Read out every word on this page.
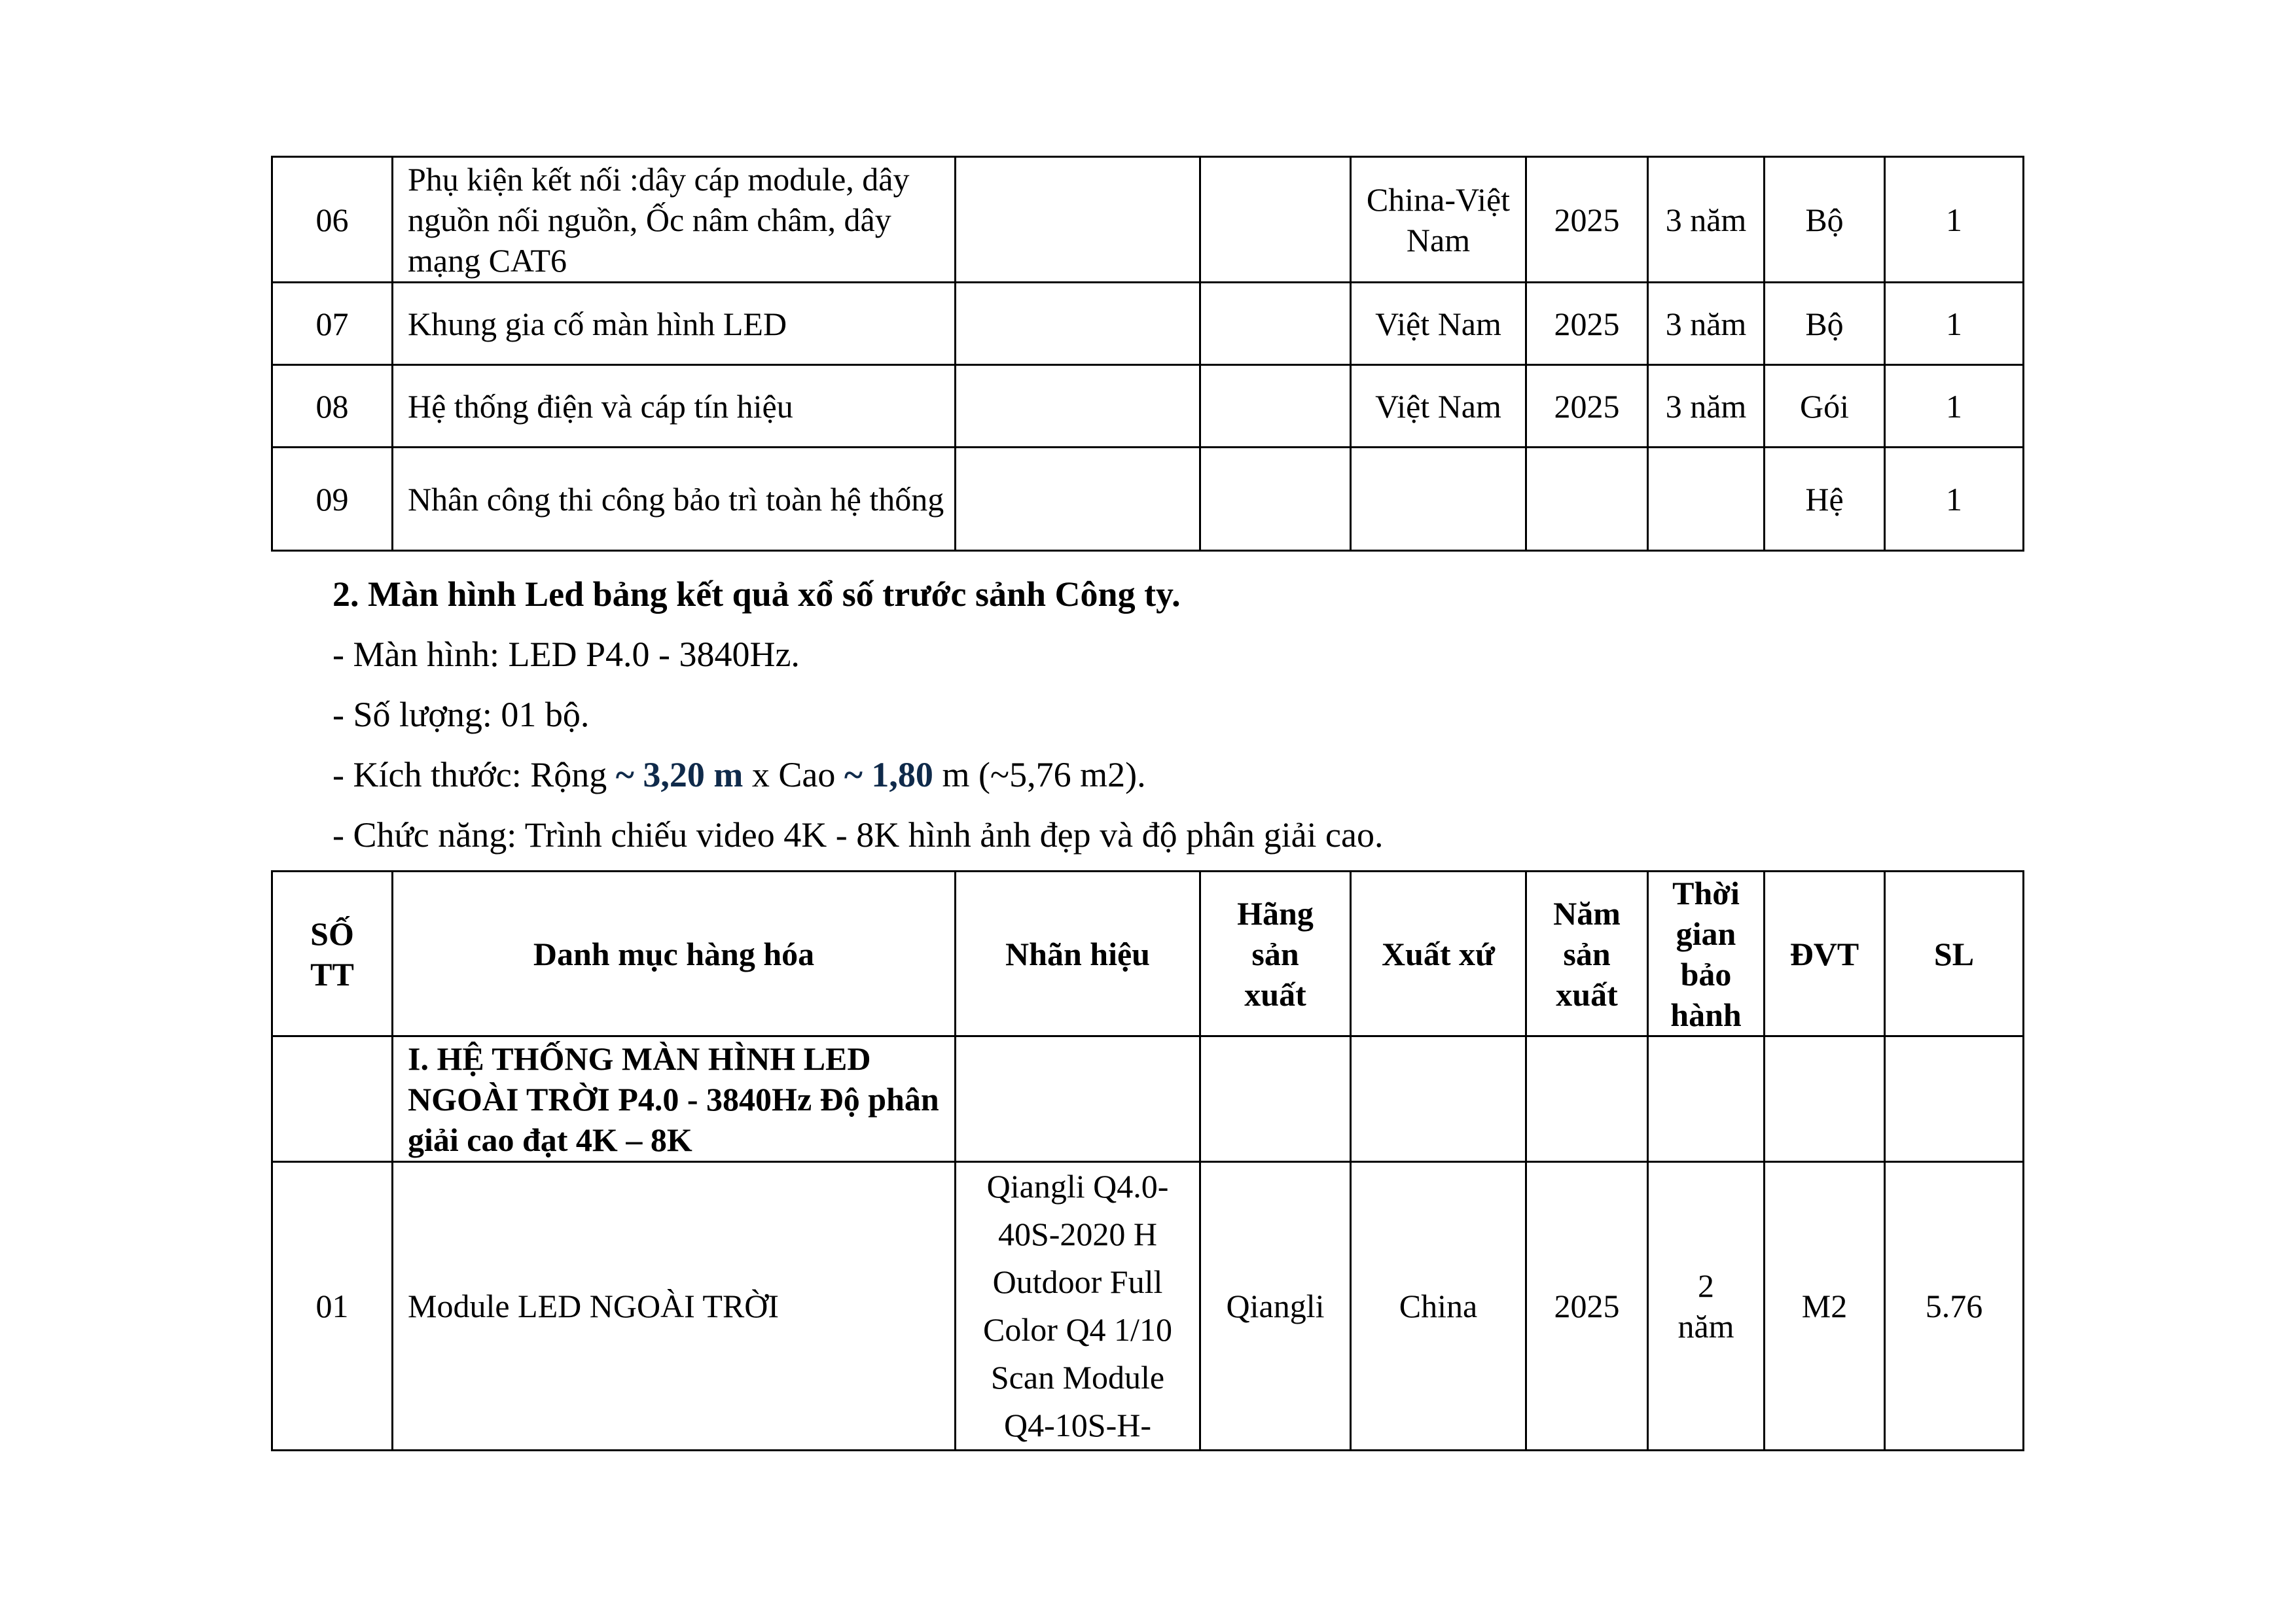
06	Phụ kiện kết nối :dây cáp module, dây nguồn nối nguồn, Ốc nâm châm, dây mạng CAT6			China-Việt Nam	2025	3 năm	Bộ	1
07	Khung gia cố màn hình LED			Việt Nam	2025	3 năm	Bộ	1
08	Hệ thống điện và cáp tín hiệu			Việt Nam	2025	3 năm	Gói	1
09	Nhân công thi công bảo trì toàn hệ thống						Hệ	1
2. Màn hình Led bảng kết quả xổ số trước sảnh Công ty.
- Màn hình: LED P4.0 - 3840Hz.
- Số lượng: 01 bộ.
- Kích thước: Rộng ~ 3,20 m x Cao ~ 1,80 m (~5,76 m2).
- Chức năng: Trình chiếu video 4K - 8K hình ảnh đẹp và độ phân giải cao.
SỐ TT	Danh mục hàng hóa	Nhãn hiệu	Hãng sản xuất	Xuất xứ	Năm sản xuất	Thời gian bảo hành	ĐVT	SL
	I. HỆ THỐNG MÀN HÌNH LED NGOÀI TRỜI P4.0 - 3840Hz Độ phân giải cao đạt 4K – 8K							
01	Module LED NGOÀI TRỜI	Qiangli Q4.0-40S-2020 H Outdoor Full Color Q4 1/10 Scan Module Q4-10S-H-	Qiangli	China	2025	2 năm	M2	5.76
